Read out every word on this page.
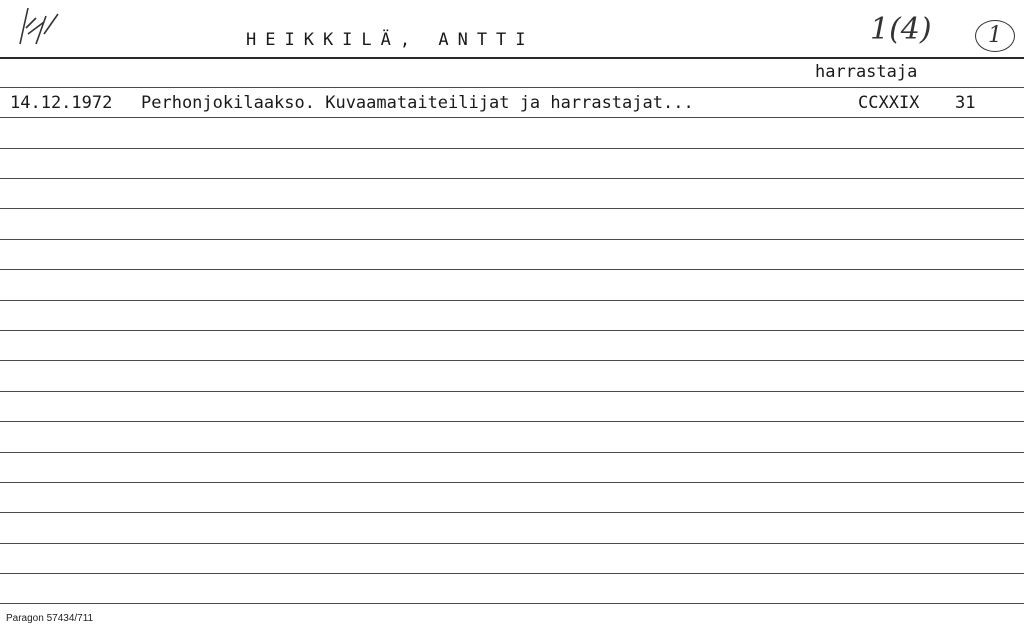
HEIKKILÄ, ANTTI	1(4)	1
harrastaja
14.12.1972 Perhonjokilaakso. Kuvaamataiteilijat ja harrastajat...	CCXXIX 31
Paragon 57434/711
